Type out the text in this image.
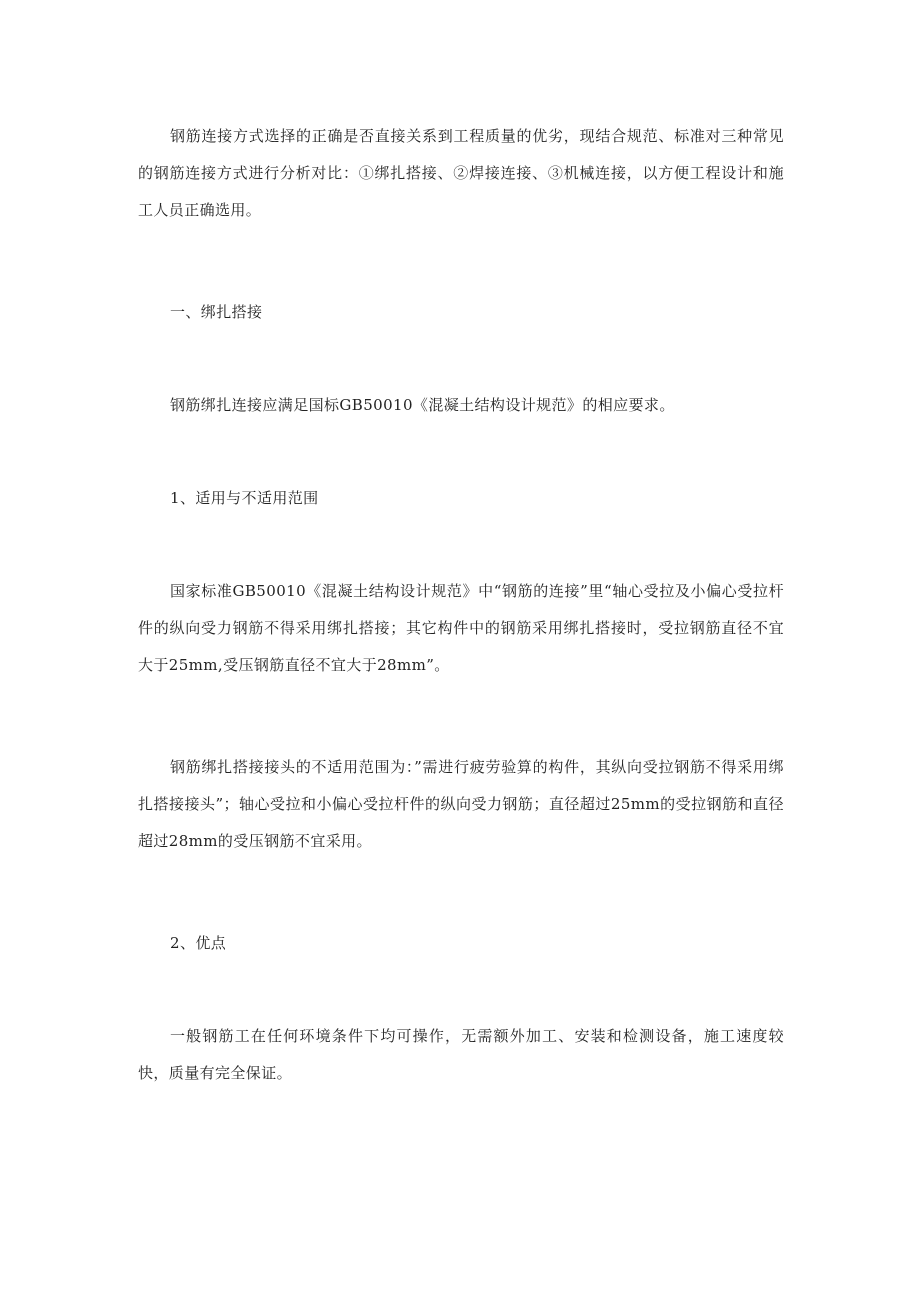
钢筋连接方式选择的正确是否直接关系到工程质量的优劣，现结合规范、标准对三种常见的钢筋连接方式进行分析对比：①绑扎搭接、②焊接连接、③机械连接，以方便工程设计和施工人员正确选用。

一、绑扎搭接

钢筋绑扎连接应满足国标GB50010《混凝土结构设计规范》的相应要求。

1、适用与不适用范围

国家标准GB50010《混凝土结构设计规范》中“钢筋的连接”里“轴心受拉及小偏心受拉杆件的纵向受力钢筋不得采用绑扎搭接；其它构件中的钢筋采用绑扎搭接时，受拉钢筋直径不宜大于25mm,受压钢筋直径不宜大于28mm”。

钢筋绑扎搭接接头的不适用范围为：”需进行疲劳验算的构件，其纵向受拉钢筋不得采用绑扎搭接接头”；轴心受拉和小偏心受拉杆件的纵向受力钢筋；直径超过25mm的受拉钢筋和直径超过28mm的受压钢筋不宜采用。

2、优点

一般钢筋工在任何环境条件下均可操作，无需额外加工、安装和检测设备，施工速度较快，质量有完全保证。
